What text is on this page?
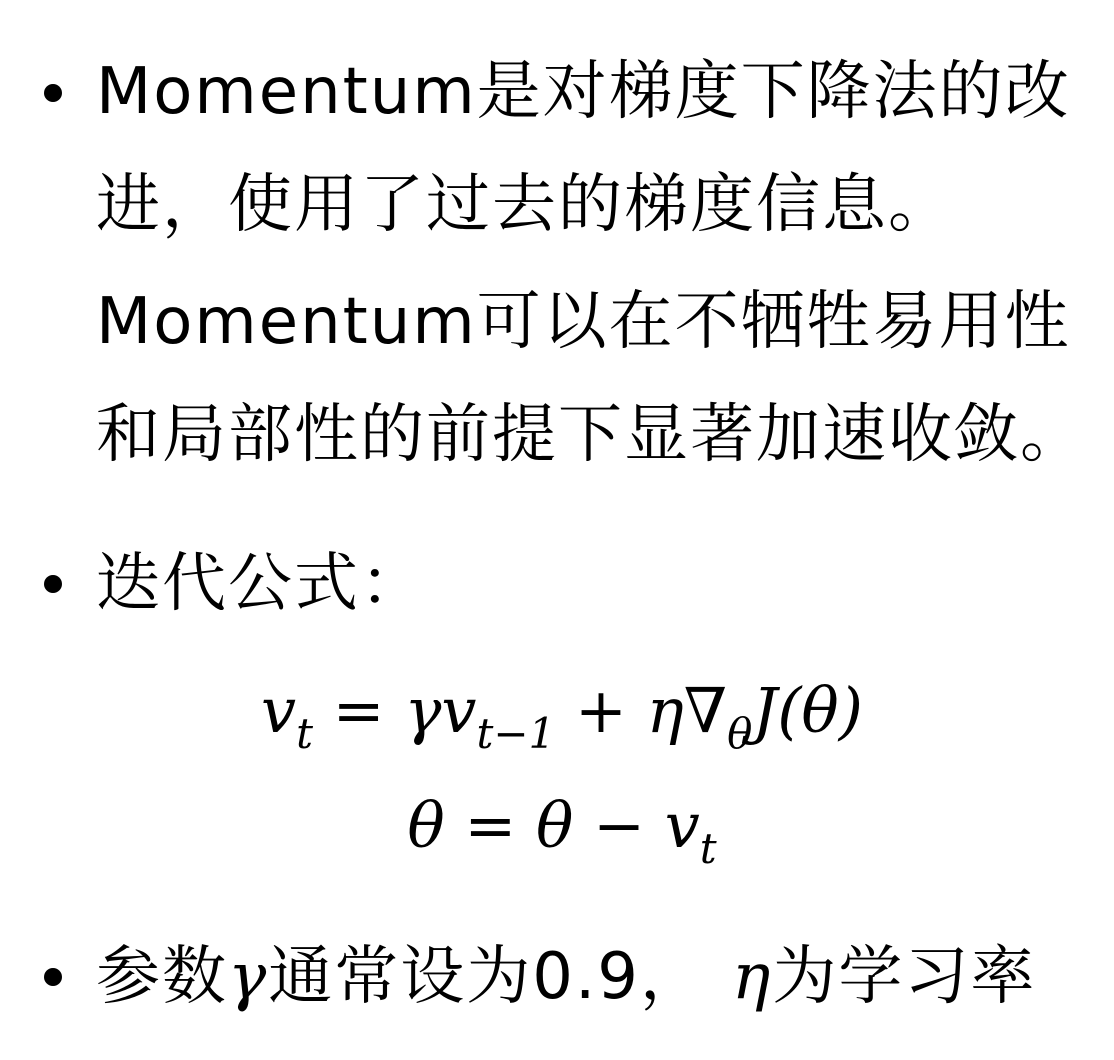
Momentum是对梯度下降法的改
进，使用了过去的梯度信息。
Momentum可以在不牺牲易用性
和局部性的前提下显著加速收敛。
迭代公式：
$v_t = \gamma v_{t-1} + \eta\nabla_\theta J(\theta)$
$\theta = \theta - v_t$
参数γ通常设为0.9， η为学习率
